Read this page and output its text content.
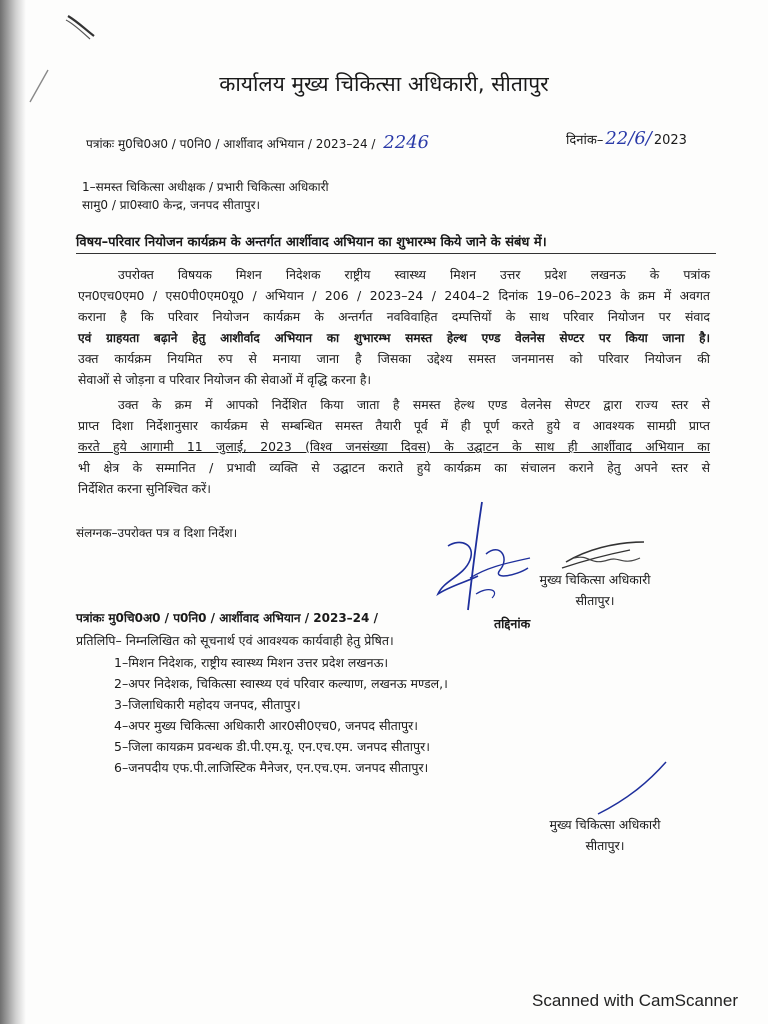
कार्यालय मुख्य चिकित्सा अधिकारी, सीतापुर
पत्रांकः मु0चि0अ0 / प0नि0 / आर्शीवाद अभियान / 2023–24 / 2246	दिनांक– 22/6/ 2023
1–समस्त चिकित्सा अधीक्षक / प्रभारी चिकित्सा अधिकारी
सामु0 / प्रा0स्वा0 केन्द्र, जनपद सीतापुर।
विषय–परिवार नियोजन कार्यक्रम के अन्तर्गत आर्शीवाद अभियान का शुभारम्भ किये जाने के संबंध में।
उपरोक्त विषयक मिशन निदेशक राष्ट्रीय स्वास्थ्य मिशन उत्तर प्रदेश लखनऊ के पत्रांक
एन0एच0एम0 / एस0पी0एम0यू0 / अभियान / 206 / 2023–24 / 2404–2 दिनांक 19–06–2023 के क्रम में अवगत
कराना है कि परिवार नियोजन कार्यक्रम के अन्तर्गत नवविवाहित दम्पत्तियों के साथ परिवार नियोजन पर संवाद
एवं ग्राहयता बढ़ाने हेतु आशीर्वाद अभियान का शुभारम्भ समस्त हेल्थ एण्ड वेलनेस सेण्टर पर किया जाना है।
उक्त कार्यक्रम नियमित रुप से मनाया जाना है जिसका उद्देश्य समस्त जनमानस को परिवार नियोजन की
सेवाओं से जोड़ना व परिवार नियोजन की सेवाओं में वृद्धि करना है।
उक्त के क्रम में आपको निर्देशित किया जाता है समस्त हेल्थ एण्ड वेलनेस सेण्टर द्वारा राज्य स्तर से
प्राप्त दिशा निर्देशानुसार कार्यक्रम से सम्बन्धित समस्त तैयारी पूर्व में ही पूर्ण करते हुये व आवश्यक सामग्री प्राप्त
करते हुये आगामी 11 जुलाई, 2023 (विश्व जनसंख्या दिवस) के उद्घाटन के साथ ही आर्शीवाद अभियान का
भी क्षेत्र के सम्मानित / प्रभावी व्यक्ति से उद्घाटन कराते हुये कार्यक्रम का संचालन कराने हेतु अपने स्तर से
निर्देशित करना सुनिश्चित करें।
संलग्नक–उपरोक्त पत्र व दिशा निर्देश।
मुख्य चिकित्सा अधिकारी
सीतापुर।
पत्रांकः मु0चि0अ0 / प0नि0 / आर्शीवाद अभियान / 2023–24 /	तद्दिनांक
प्रतिलिपि– निम्नलिखित को सूचनार्थ एवं आवश्यक कार्यवाही हेतु प्रेषित।
1–मिशन निदेशक, राष्ट्रीय स्वास्थ्य मिशन उत्तर प्रदेश लखनऊ।
2–अपर निदेशक, चिकित्सा स्वास्थ्य एवं परिवार कल्याण, लखनऊ मण्डल,।
3–जिलाधिकारी महोदय जनपद, सीतापुर।
4–अपर मुख्य चिकित्सा अधिकारी आर0सी0एच0, जनपद सीतापुर।
5–जिला कायक्रम प्रवन्धक डी.पी.एम.यू. एन.एच.एम. जनपद सीतापुर।
6–जनपदीय एफ.पी.लाजिस्टिक मैनेजर, एन.एच.एम. जनपद सीतापुर।
मुख्य चिकित्सा अधिकारी
सीतापुर।
Scanned with CamScanner
